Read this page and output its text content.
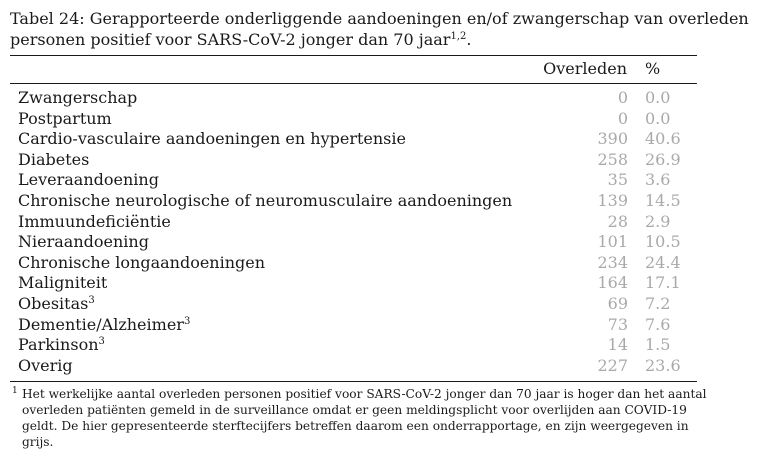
Tabel 24: Gerapporteerde onderliggende aandoeningen en/of zwangerschap van overleden personen positief voor SARS-CoV-2 jonger dan 70 jaar$^{1,2}$.
Overleden %
Zwangerschap	0 0.0
Postpartum	0 0.0
Cardio-vasculaire aandoeningen en hypertensie	390 40.6
Diabetes	258 26.9
Leveraandoening	35 3.6
Chronische neurologische of neuromusculaire aandoeningen	139 14.5
Immuundeficiëntie	28 2.9
Nieraandoening	101 10.5
Chronische longaandoeningen	234 24.4
Maligniteit	164 17.1
Obesitas$^3$	69 7.2
Dementie/Alzheimer$^3$	73 7.6
Parkinson$^3$	14 1.5
Overig	227 23.6
1 Het werkelijke aantal overleden personen positief voor SARS-CoV-2 jonger dan 70 jaar is hoger dan het aantal overleden patiënten gemeld in de surveillance omdat er geen meldingsplicht voor overlijden aan COVID-19 geldt. De hier gepresenteerde sterftecijfers betreffen daarom een onderrapportage, en zijn weergegeven in grijs.
